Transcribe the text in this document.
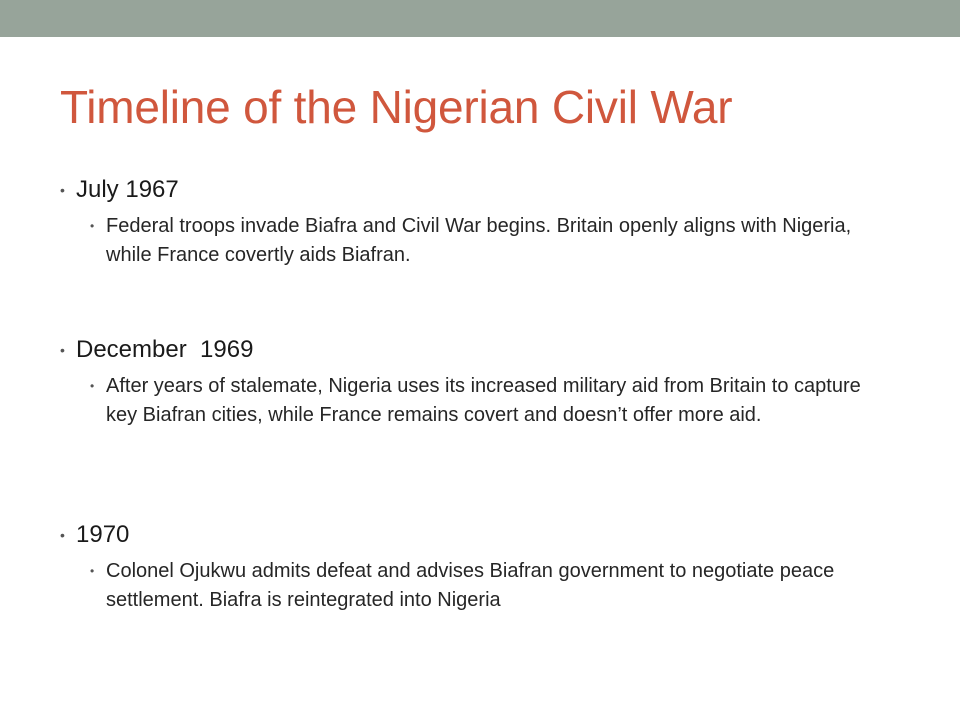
Timeline of the Nigerian Civil War
• July 1967
• Federal troops invade Biafra and Civil War begins. Britain openly aligns with Nigeria, while France covertly aids Biafran.
• December  1969
• After years of stalemate, Nigeria uses its increased military aid from Britain to capture key Biafran cities, while France remains covert and doesn’t offer more aid.
• 1970
• Colonel Ojukwu admits defeat and advises Biafran government to negotiate peace settlement. Biafra is reintegrated into Nigeria
